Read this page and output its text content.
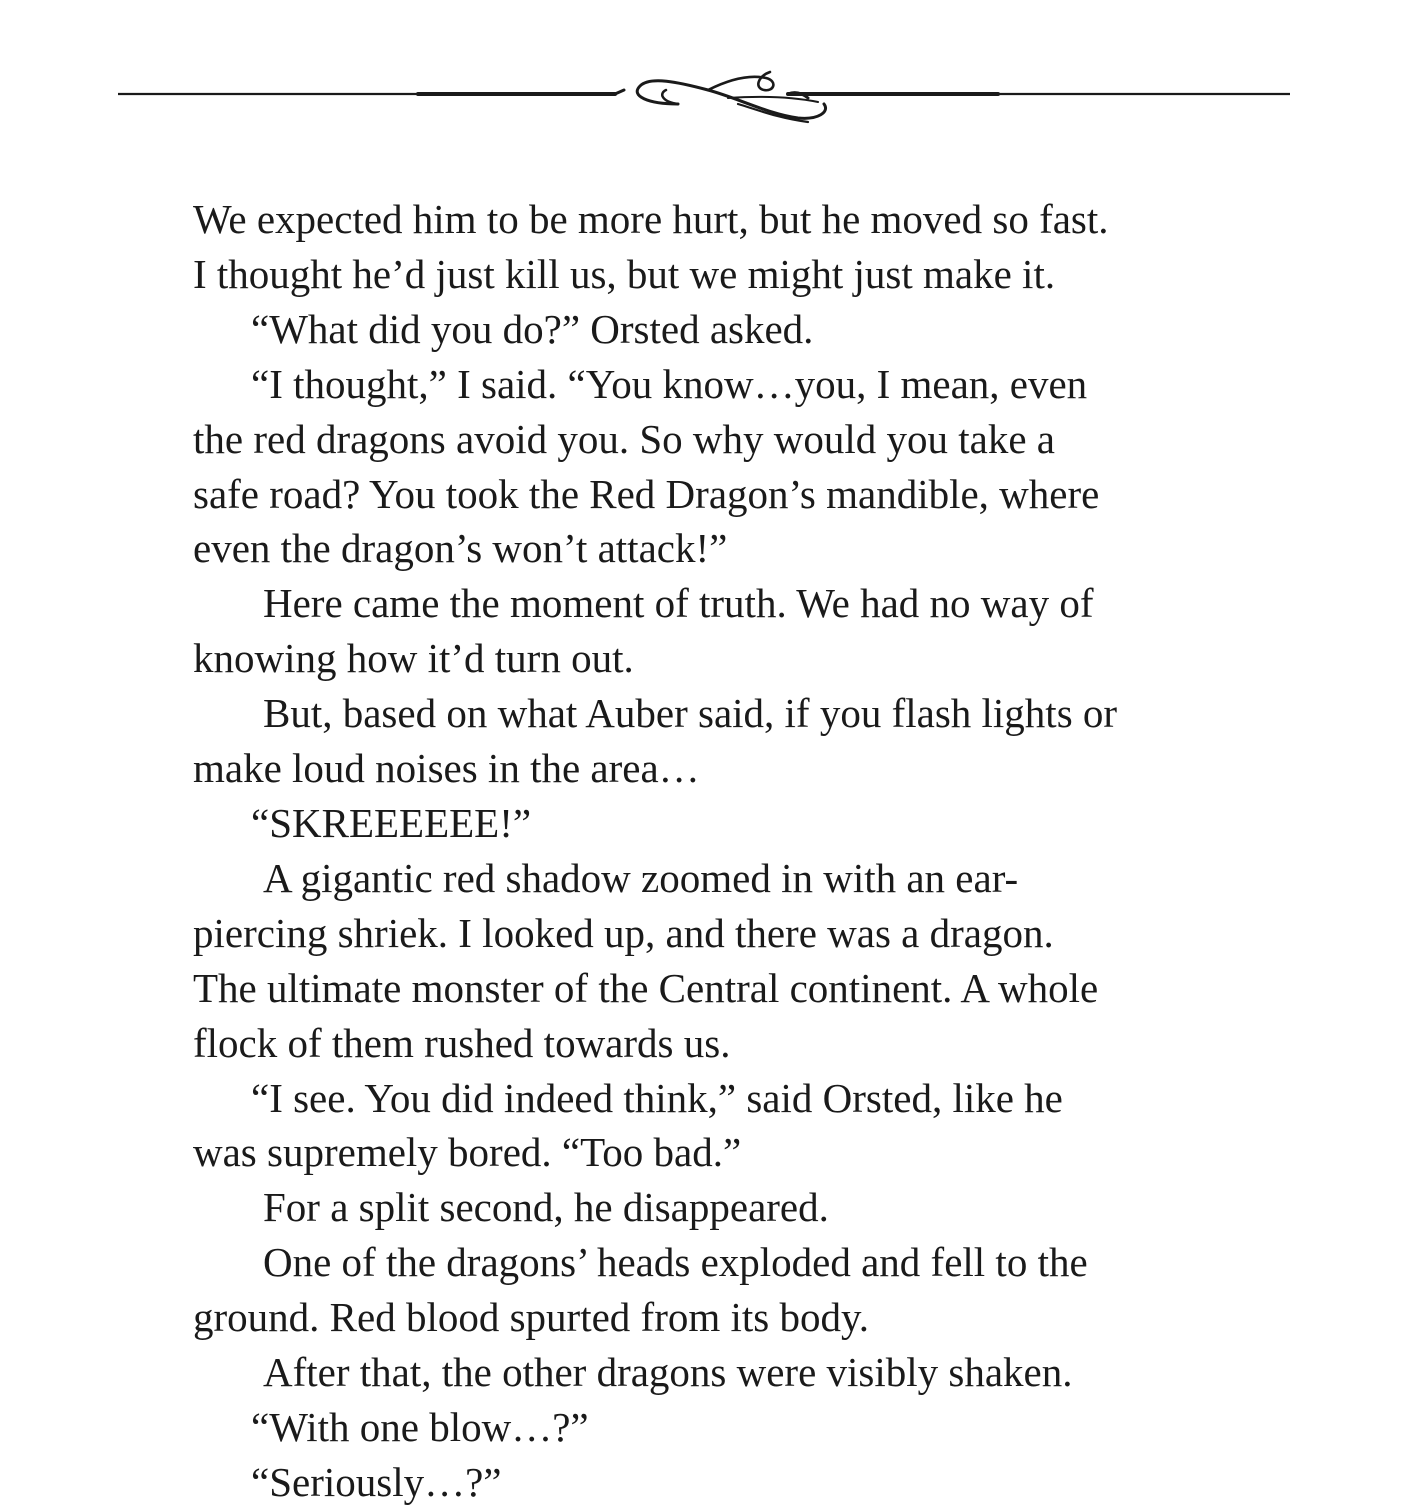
We expected him to be more hurt, but he moved so fast.
I thought he’d just kill us, but we might just make it.

“What did you do?” Orsted asked.

“I thought,” I said. “You know…you, I mean, even
the red dragons avoid you. So why would you take a
safe road? You took the Red Dragon’s mandible, where
even the dragon’s won’t attack!”

Here came the moment of truth. We had no way of
knowing how it’d turn out.

But, based on what Auber said, if you flash lights or
make loud noises in the area…

“SKREEEEEE!”

A gigantic red shadow zoomed in with an ear-
piercing shriek. I looked up, and there was a dragon.
The ultimate monster of the Central continent. A whole
flock of them rushed towards us.

“I see. You did indeed think,” said Orsted, like he
was supremely bored. “Too bad.”

For a split second, he disappeared.

One of the dragons’ heads exploded and fell to the
ground. Red blood spurted from its body.

After that, the other dragons were visibly shaken.

“With one blow…?”

“Seriously…?”
